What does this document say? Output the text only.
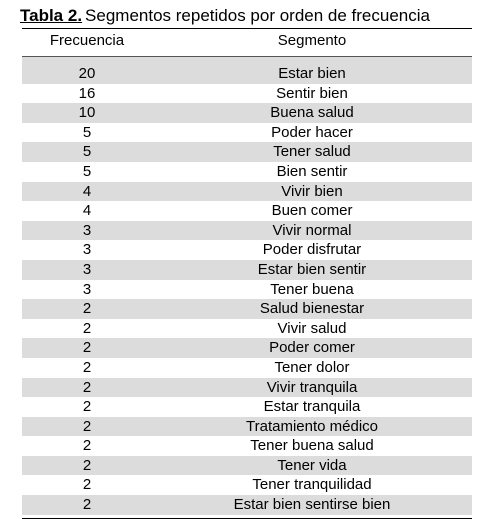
Tabla 2. Segmentos repetidos por orden de frecuencia
Frecuencia	Segmento
20	Estar bien
16	Sentir bien
10	Buena salud
5	Poder hacer
5	Tener salud
5	Bien sentir
4	Vivir bien
4	Buen comer
3	Vivir normal
3	Poder disfrutar
3	Estar bien sentir
3	Tener buena
2	Salud bienestar
2	Vivir salud
2	Poder comer
2	Tener dolor
2	Vivir tranquila
2	Estar tranquila
2	Tratamiento médico
2	Tener buena salud
2	Tener vida
2	Tener tranquilidad
2	Estar bien sentirse bien
